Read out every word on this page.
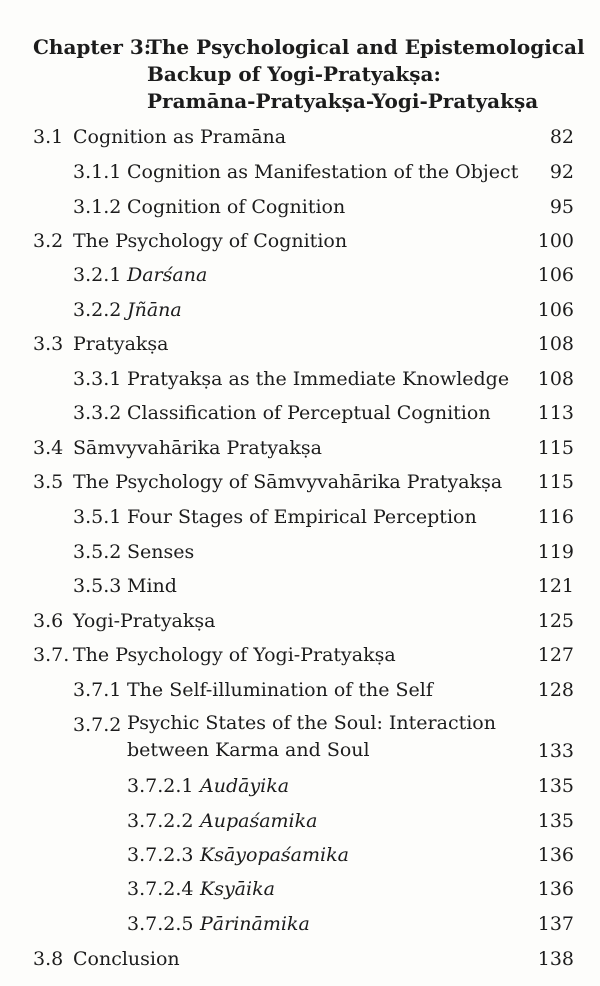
Chapter 3:
The Psychological and Epistemological
Backup of Yogi-Pratyakṣa:
Pramāna-Pratyakṣa-Yogi-Pratyakṣa
3.1 Cognition as Pramāna	82
3.1.1 Cognition as Manifestation of the Object 92
3.1.2 Cognition of Cognition	95
3.2 The Psychology of Cognition	100
3.2.1 Darśana	106
3.2.2 Jñāna	106
3.3 Pratyakṣa	108
3.3.1 Pratyakṣa as the Immediate Knowledge 108
3.3.2 Classification of Perceptual Cognition 113
3.4 Sāmvyvahārika Pratyakṣa	115
3.5 The Psychology of Sāmvyvahārika Pratyakṣa 115
3.5.1 Four Stages of Empirical Perception	116
3.5.2 Senses	119
3.5.3 Mind	121
3.6 Yogi-Pratyakṣa	125
3.7. The Psychology of Yogi-Pratyakṣa	127
3.7.1 The Self-illumination of the Self	128
3.7.2 Psychic States of the Soul: Interaction
between Karma and Soul	133
3.7.2.1 Audāyika	135
3.7.2.2 Aupaśamika	135
3.7.2.3 Ksāyopaśamika	136
3.7.2.4 Ksyāika	136
3.7.2.5 Pārināmika	137
3.8 Conclusion	138
